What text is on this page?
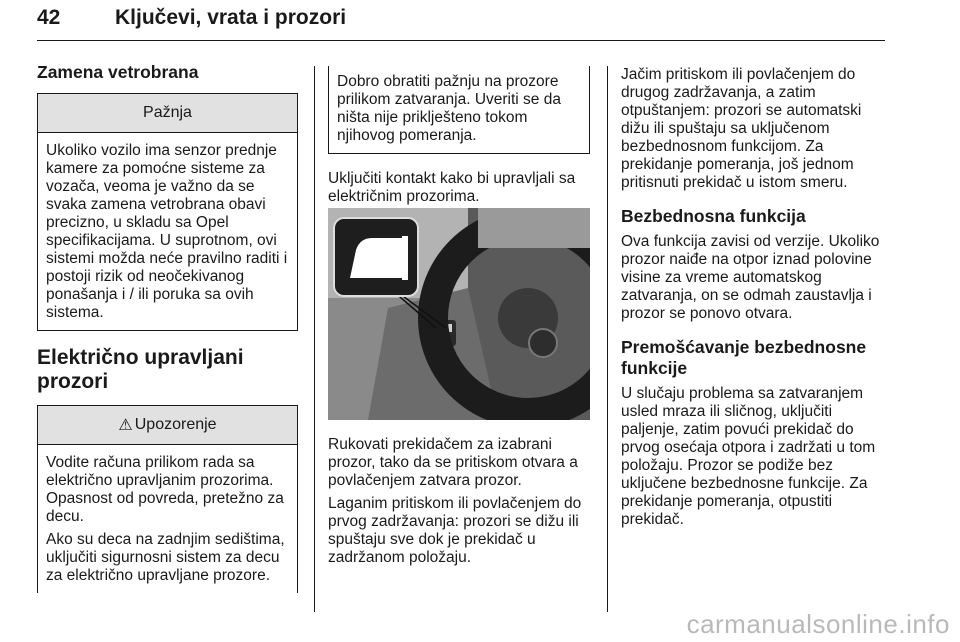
42	Ključevi, vrata i prozori

Zamena vetrobrana

Pažnja

Ukoliko vozilo ima senzor prednje kamere za pomoćne sisteme za vozača, veoma je važno da se svaka zamena vetrobrana obavi precizno, u skladu sa Opel specifikacijama. U suprotnom, ovi sistemi možda neće pravilno raditi i postoji rizik od neočekivanog ponašanja i / ili poruka sa ovih sistema.

Električno upravljani prozori

⚠ Upozorenje

Vodite računa prilikom rada sa električno upravljanim prozorima. Opasnost od povreda, pretežno za decu.

Ako su deca na zadnjim sedištima, uključiti sigurnosni sistem za decu za električno upravljane prozore.

Dobro obratiti pažnju na prozore prilikom zatvaranja. Uveriti se da ništa nije priklješteno tokom njihovog pomeranja.

Uključiti kontakt kako bi upravljali sa električnim prozorima.

Rukovati prekidačem za izabrani prozor, tako da se pritiskom otvara a povlačenjem zatvara prozor.

Laganim pritiskom ili povlačenjem do prvog zadržavanja: prozori se dižu ili spuštaju sve dok je prekidač u zadržanom položaju.

Jačim pritiskom ili povlačenjem do drugog zadržavanja, a zatim otpuštanjem: prozori se automatski dižu ili spuštaju sa uključenom bezbednosnom funkcijom. Za prekidanje pomeranja, još jednom pritisnuti prekidač u istom smeru.

Bezbednosna funkcija

Ova funkcija zavisi od verzije. Ukoliko prozor naiđe na otpor iznad polovine visine za vreme automatskog zatvaranja, on se odmah zaustavlja i prozor se ponovo otvara.

Premošćavanje bezbednosne funkcije

U slučaju problema sa zatvaranjem usled mraza ili sličnog, uključiti paljenje, zatim povući prekidač do prvog osećaja otpora i zadržati u tom položaju. Prozor se podiže bez uključene bezbednosne funkcije. Za prekidanje pomeranja, otpustiti prekidač.

carmanualsonline.info
